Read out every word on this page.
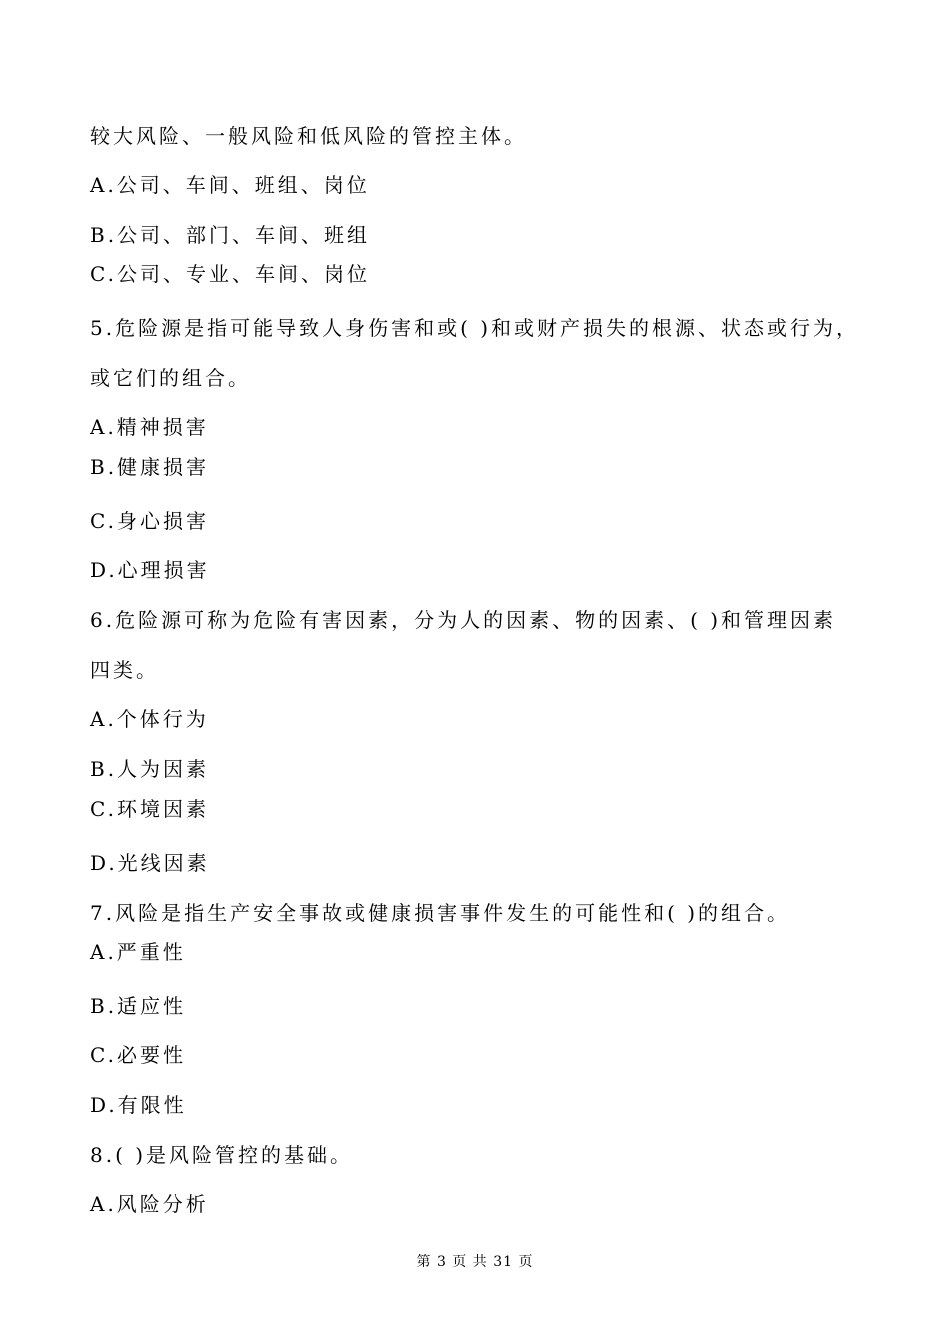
较大风险、一般风险和低风险的管控主体。
A.公司、车间、班组、岗位
B.公司、部门、车间、班组
C.公司、专业、车间、岗位
5.危险源是指可能导致人身伤害和或( )和或财产损失的根源、状态或行为，
或它们的组合。
A.精神损害
B.健康损害
C.身心损害
D.心理损害
6.危险源可称为危险有害因素，分为人的因素、物的因素、( )和管理因素
四类。
A.个体行为
B.人为因素
C.环境因素
D.光线因素
7.风险是指生产安全事故或健康损害事件发生的可能性和( )的组合。
A.严重性
B.适应性
C.必要性
D.有限性
8.( )是风险管控的基础。
A.风险分析
第 3 页 共 31 页
